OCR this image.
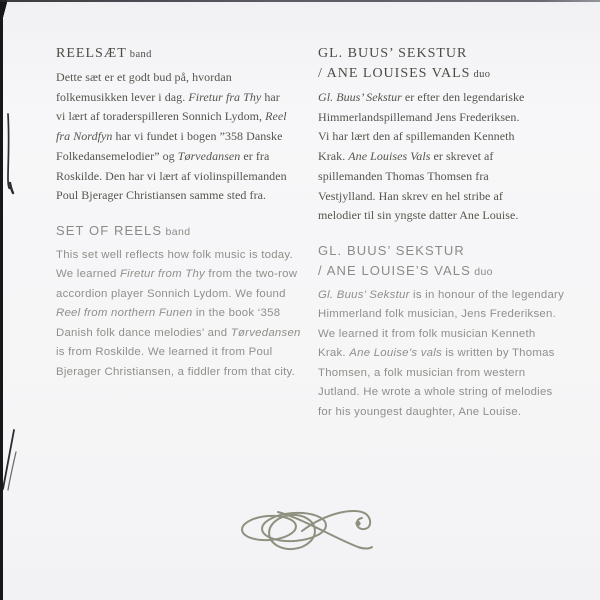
REELSÆT band
Dette sæt er et godt bud på, hvordan
folkemusikken lever i dag. Firetur fra Thy har
vi lært af toraderspilleren Sonnich Lydom, Reel
fra Nordfyn har vi fundet i bogen ”358 Danske
Folkedansemelodier” og Tørvedansen er fra
Roskilde. Den har vi lært af violinspillemanden
Poul Bjerager Christiansen samme sted fra.
SET OF REELS band
This set well reflects how folk music is today.
We learned Firetur from Thy from the two-row
accordion player Sonnich Lydom. We found
Reel from northern Funen in the book ‘358
Danish folk dance melodies’ and Tørvedansen
is from Roskilde. We learned it from Poul
Bjerager Christiansen, a fiddler from that city.
GL. BUUS’ SEKSTUR
/ ANE LOUISES VALS duo
Gl. Buus’ Sekstur er efter den legendariske
Himmerlandspillemand Jens Frederiksen.
Vi har lært den af spillemanden Kenneth
Krak. Ane Louises Vals er skrevet af
spillemanden Thomas Thomsen fra
Vestjylland. Han skrev en hel stribe af
melodier til sin yngste datter Ane Louise.
GL. BUUS’ SEKSTUR
/ ANE LOUISE’S VALS duo
Gl. Buus’ Sekstur is in honour of the legendary
Himmerland folk musician, Jens Frederiksen.
We learned it from folk musician Kenneth
Krak. Ane Louise’s vals is written by Thomas
Thomsen, a folk musician from western
Jutland. He wrote a whole string of melodies
for his youngest daughter, Ane Louise.
